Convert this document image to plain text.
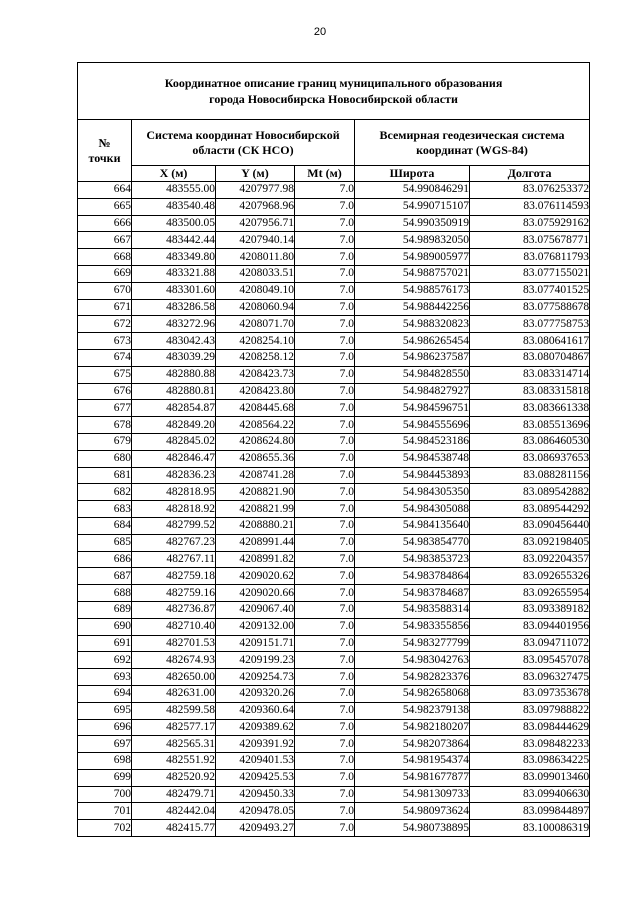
20
Координатное описание границ муниципального образования
города Новосибирска Новосибирской области					

№
точки	Система координат Новосибирской области (СК НСО)			Всемирная геодезическая система координат (WGS-84)	
	X (м)	Y (м)	Mt (м)	Широта	Долгота
664	483555.00	4207977.98	7.0	54.990846291	83.076253372
665	483540.48	4207968.96	7.0	54.990715107	83.076114593
666	483500.05	4207956.71	7.0	54.990350919	83.075929162
667	483442.44	4207940.14	7.0	54.989832050	83.075678771
668	483349.80	4208011.80	7.0	54.989005977	83.076811793
669	483321.88	4208033.51	7.0	54.988757021	83.077155021
670	483301.60	4208049.10	7.0	54.988576173	83.077401525
671	483286.58	4208060.94	7.0	54.988442256	83.077588678
672	483272.96	4208071.70	7.0	54.988320823	83.077758753
673	483042.43	4208254.10	7.0	54.986265454	83.080641617
674	483039.29	4208258.12	7.0	54.986237587	83.080704867
675	482880.88	4208423.73	7.0	54.984828550	83.083314714
676	482880.81	4208423.80	7.0	54.984827927	83.083315818
677	482854.87	4208445.68	7.0	54.984596751	83.083661338
678	482849.20	4208564.22	7.0	54.984555696	83.085513696
679	482845.02	4208624.80	7.0	54.984523186	83.086460530
680	482846.47	4208655.36	7.0	54.984538748	83.086937653
681	482836.23	4208741.28	7.0	54.984453893	83.088281156
682	482818.95	4208821.90	7.0	54.984305350	83.089542882
683	482818.92	4208821.99	7.0	54.984305088	83.089544292
684	482799.52	4208880.21	7.0	54.984135640	83.090456440
685	482767.23	4208991.44	7.0	54.983854770	83.092198405
686	482767.11	4208991.82	7.0	54.983853723	83.092204357
687	482759.18	4209020.62	7.0	54.983784864	83.092655326
688	482759.16	4209020.66	7.0	54.983784687	83.092655954
689	482736.87	4209067.40	7.0	54.983588314	83.093389182
690	482710.40	4209132.00	7.0	54.983355856	83.094401956
691	482701.53	4209151.71	7.0	54.983277799	83.094711072
692	482674.93	4209199.23	7.0	54.983042763	83.095457078
693	482650.00	4209254.73	7.0	54.982823376	83.096327475
694	482631.00	4209320.26	7.0	54.982658068	83.097353678
695	482599.58	4209360.64	7.0	54.982379138	83.097988822
696	482577.17	4209389.62	7.0	54.982180207	83.098444629
697	482565.31	4209391.92	7.0	54.982073864	83.098482233
698	482551.92	4209401.53	7.0	54.981954374	83.098634225
699	482520.92	4209425.53	7.0	54.981677877	83.099013460
700	482479.71	4209450.33	7.0	54.981309733	83.099406630
701	482442.04	4209478.05	7.0	54.980973624	83.099844897
702	482415.77	4209493.27	7.0	54.980738895	83.100086319
